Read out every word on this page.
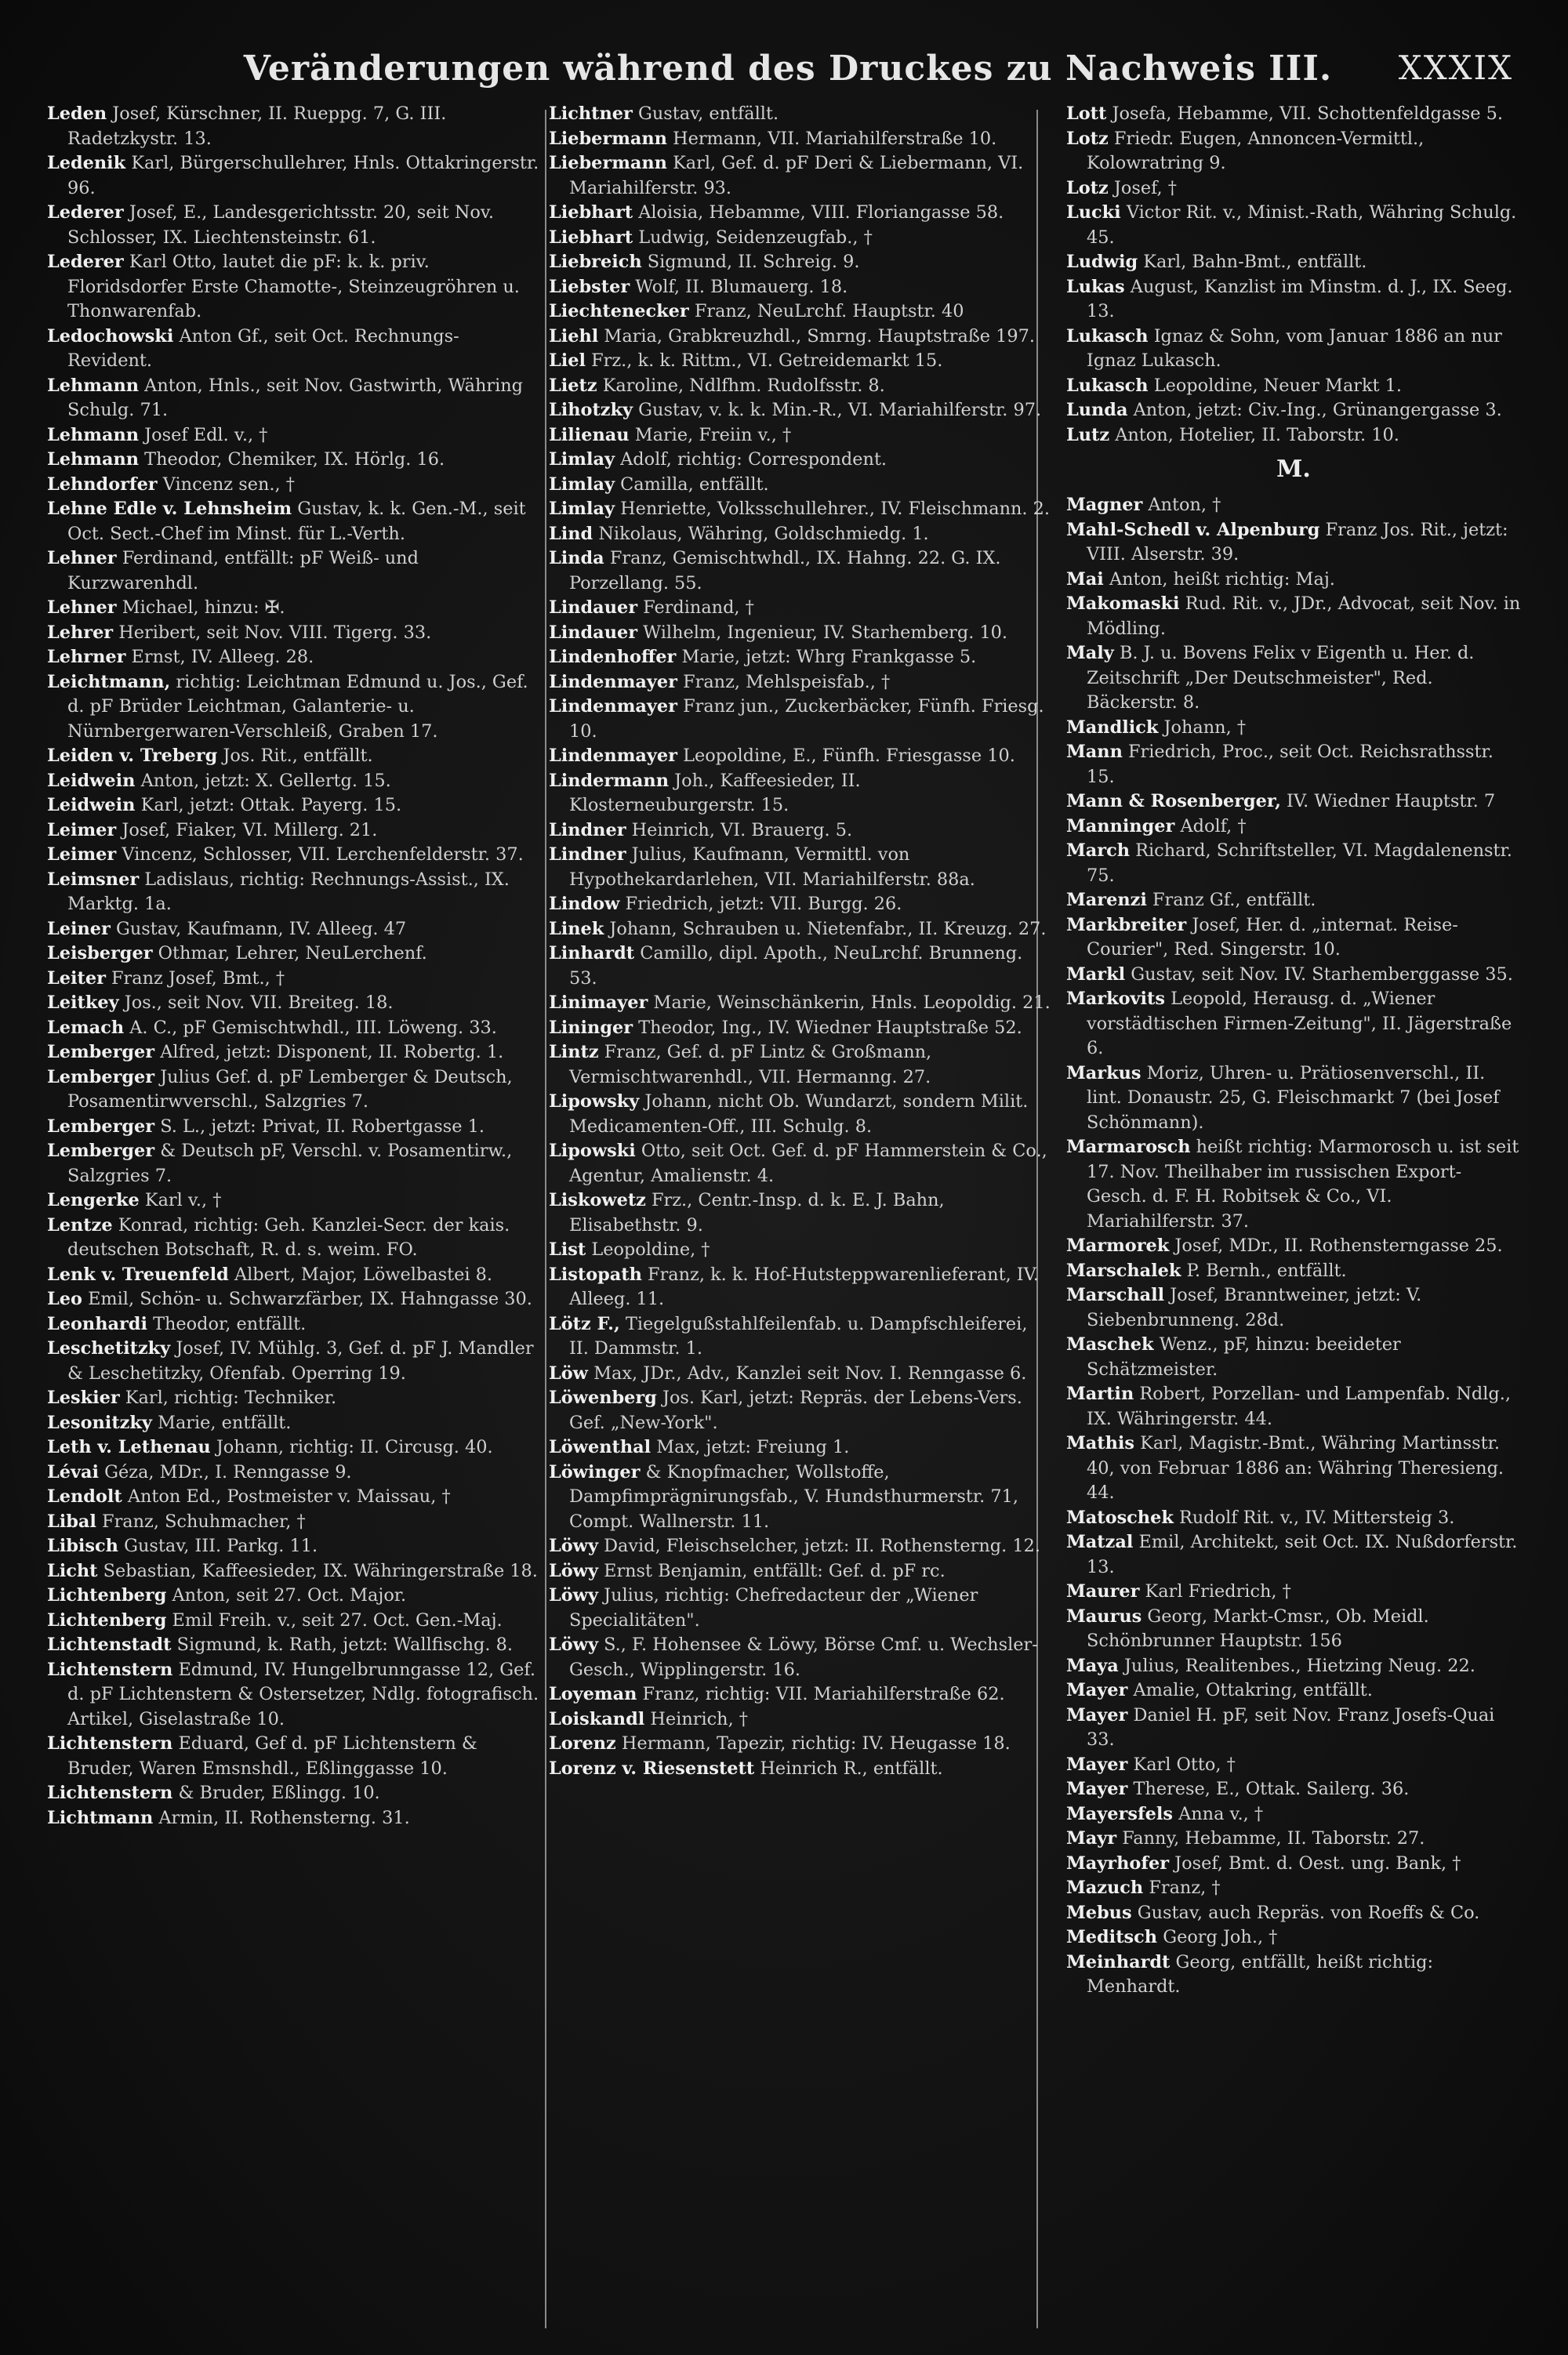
Veränderungen während des Druckes zu Nachweis III.	XXXIX

Leden Josef, Kürschner, II. Rueppg. 7, G. III. Radetzkystr. 13.

Ledenik Karl, Bürgerschullehrer, Hnls. Ottakringerstr. 96.

Lederer Josef, E., Landesgerichtsstr. 20, seit Nov. Schlosser, IX. Liechtensteinstr. 61.

Lederer Karl Otto, lautet die pF: k. k. priv. Floridsdorfer Erste Chamotte-, Steinzeugröhren u. Thonwarenfab.

Ledochowski Anton Gf., seit Oct. Rechnungs-Revident.

Lehmann Anton, Hnls., seit Nov. Gastwirth, Währing Schulg. 71.

Lehmann Josef Edl. v., †

Lehmann Theodor, Chemiker, IX. Hörlg. 16.

Lehndorfer Vincenz sen., †

Lehne Edle v. Lehnsheim Gustav, k. k. Gen.-M., seit Oct. Sect.-Chef im Minst. für L.-Verth.

Lehner Ferdinand, entfällt: pF Weiß- und Kurzwarenhdl.

Lehner Michael, hinzu: ✠.

Lehrer Heribert, seit Nov. VIII. Tigerg. 33.

Lehrner Ernst, IV. Alleeg. 28.

Leichtmann, richtig: Leichtman Edmund u. Jos., Gef. d. pF Brüder Leichtman, Galanterie- u. Nürnbergerwaren-Verschleiß, Graben 17.

Leiden v. Treberg Jos. Rit., entfällt.

Leidwein Anton, jetzt: X. Gellertg. 15.

Leidwein Karl, jetzt: Ottak. Payerg. 15.

Leimer Josef, Fiaker, VI. Millerg. 21.

Leimer Vincenz, Schlosser, VII. Lerchenfelderstr. 37.

Leimsner Ladislaus, richtig: Rechnungs-Assist., IX. Marktg. 1a.

Leiner Gustav, Kaufmann, IV. Alleeg. 47

Leisberger Othmar, Lehrer, NeuLerchenf.

Leiter Franz Josef, Bmt., †

Leitkey Jos., seit Nov. VII. Breiteg. 18.

Lemach A. C., pF Gemischtwhdl., III. Löweng. 33.

Lemberger Alfred, jetzt: Disponent, II. Robertg. 1.

Lemberger Julius Gef. d. pF Lemberger & Deutsch, Posamentirwverschl., Salzgries 7.

Lemberger S. L., jetzt: Privat, II. Robertgasse 1.

Lemberger & Deutsch pF, Verschl. v. Posamentirw., Salzgries 7.

Lengerke Karl v., †

Lentze Konrad, richtig: Geh. Kanzlei-Secr. der kais. deutschen Botschaft, R. d. s. weim. FO.

Lenk v. Treuenfeld Albert, Major, Löwelbastei 8.

Leo Emil, Schön- u. Schwarzfärber, IX. Hahngasse 30.

Leonhardi Theodor, entfällt.

Leschetitzky Josef, IV. Mühlg. 3, Gef. d. pF J. Mandler & Leschetitzky, Ofenfab. Operring 19.

Leskier Karl, richtig: Techniker.

Lesonitzky Marie, entfällt.

Leth v. Lethenau Johann, richtig: II. Circusg. 40.

Lévai Géza, MDr., I. Renngasse 9.

Lendolt Anton Ed., Postmeister v. Maissau, †

Libal Franz, Schuhmacher, †

Libisch Gustav, III. Parkg. 11.

Licht Sebastian, Kaffeesieder, IX. Währingerstraße 18.

Lichtenberg Anton, seit 27. Oct. Major.

Lichtenberg Emil Freih. v., seit 27. Oct. Gen.-Maj.

Lichtenstadt Sigmund, k. Rath, jetzt: Wallfischg. 8.

Lichtenstern Edmund, IV. Hungelbrunngasse 12, Gef. d. pF Lichtenstern & Ostersetzer, Ndlg. fotografisch. Artikel, Giselastraße 10.

Lichtenstern Eduard, Gef d. pF Lichtenstern & Bruder, Waren Emsnshdl., Eßlinggasse 10.

Lichtenstern & Bruder, Eßlingg. 10.

Lichtmann Armin, II. Rothensterng. 31.

Lichtner Gustav, entfällt.

Liebermann Hermann, VII. Mariahilferstraße 10.

Liebermann Karl, Gef. d. pF Deri & Liebermann, VI. Mariahilferstr. 93.

Liebhart Aloisia, Hebamme, VIII. Floriangasse 58.

Liebhart Ludwig, Seidenzeugfab., †

Liebreich Sigmund, II. Schreig. 9.

Liebster Wolf, II. Blumauerg. 18.

Liechtenecker Franz, NeuLrchf. Hauptstr. 40

Liehl Maria, Grabkreuzhdl., Smrng. Hauptstraße 197.

Liel Frz., k. k. Rittm., VI. Getreidemarkt 15.

Lietz Karoline, Ndlfhm. Rudolfsstr. 8.

Lihotzky Gustav, v. k. k. Min.-R., VI. Mariahilferstr. 97.

Lilienau Marie, Freiin v., †

Limlay Adolf, richtig: Correspondent.

Limlay Camilla, entfällt.

Limlay Henriette, Volksschullehrer., IV. Fleischmann. 2.

Lind Nikolaus, Währing, Goldschmiedg. 1.

Linda Franz, Gemischtwhdl., IX. Hahng. 22. G. IX. Porzellang. 55.

Lindauer Ferdinand, †

Lindauer Wilhelm, Ingenieur, IV. Starhemberg. 10.

Lindenhoffer Marie, jetzt: Whrg Frankgasse 5.

Lindenmayer Franz, Mehlspeisfab., †

Lindenmayer Franz jun., Zuckerbäcker, Fünfh. Friesg. 10.

Lindenmayer Leopoldine, E., Fünfh. Friesgasse 10.

Lindermann Joh., Kaffeesieder, II. Klosterneuburgerstr. 15.

Lindner Heinrich, VI. Brauerg. 5.

Lindner Julius, Kaufmann, Vermittl. von Hypothekardarlehen, VII. Mariahilferstr. 88a.

Lindow Friedrich, jetzt: VII. Burgg. 26.

Linek Johann, Schrauben u. Nietenfabr., II. Kreuzg. 27.

Linhardt Camillo, dipl. Apoth., NeuLrchf. Brunneng. 53.

Linimayer Marie, Weinschänkerin, Hnls. Leopoldig. 21.

Lininger Theodor, Ing., IV. Wiedner Hauptstraße 52.

Lintz Franz, Gef. d. pF Lintz & Großmann, Vermischtwarenhdl., VII. Hermanng. 27.

Lipowsky Johann, nicht Ob. Wundarzt, sondern Milit. Medicamenten-Off., III. Schulg. 8.

Lipowski Otto, seit Oct. Gef. d. pF Hammerstein & Co., Agentur, Amalienstr. 4.

Liskowetz Frz., Centr.-Insp. d. k. E. J. Bahn, Elisabethstr. 9.

List Leopoldine, †

Listopath Franz, k. k. Hof-Hutsteppwarenlieferant, IV. Alleeg. 11.

Lötz F., Tiegelgußstahlfeilenfab. u. Dampfschleiferei, II. Dammstr. 1.

Löw Max, JDr., Adv., Kanzlei seit Nov. I. Renngasse 6.

Löwenberg Jos. Karl, jetzt: Repräs. der Lebens-Vers. Gef. „New-York".

Löwenthal Max, jetzt: Freiung 1.

Löwinger & Knopfmacher, Wollstoffe, Dampfimprägnirungsfab., V. Hundsthurmerstr. 71, Compt. Wallnerstr. 11.

Löwy David, Fleischselcher, jetzt: II. Rothensterng. 12.

Löwy Ernst Benjamin, entfällt: Gef. d. pF rc.

Löwy Julius, richtig: Chefredacteur der „Wiener Specialitäten".

Löwy S., F. Hohensee & Löwy, Börse Cmf. u. Wechsler-Gesch., Wipplingerstr. 16.

Loyeman Franz, richtig: VII. Mariahilferstraße 62.

Loiskandl Heinrich, †

Lorenz Hermann, Tapezir, richtig: IV. Heugasse 18.

Lorenz v. Riesenstett Heinrich R., entfällt.

Lott Josefa, Hebamme, VII. Schottenfeldgasse 5.

Lotz Friedr. Eugen, Annoncen-Vermittl., Kolowratring 9.

Lotz Josef, †

Lucki Victor Rit. v., Minist.-Rath, Währing Schulg. 45.

Ludwig Karl, Bahn-Bmt., entfällt.

Lukas August, Kanzlist im Minstm. d. J., IX. Seeg. 13.

Lukasch Ignaz & Sohn, vom Januar 1886 an nur Ignaz Lukasch.

Lukasch Leopoldine, Neuer Markt 1.

Lunda Anton, jetzt: Civ.-Ing., Grünangergasse 3.

Lutz Anton, Hotelier, II. Taborstr. 10.

M.

Magner Anton, †

Mahl-Schedl v. Alpenburg Franz Jos. Rit., jetzt: VIII. Alserstr. 39.

Mai Anton, heißt richtig: Maj.

Makomaski Rud. Rit. v., JDr., Advocat, seit Nov. in Mödling.

Maly B. J. u. Bovens Felix v Eigenth u. Her. d. Zeitschrift „Der Deutschmeister", Red. Bäckerstr. 8.

Mandlick Johann, †

Mann Friedrich, Proc., seit Oct. Reichsrathsstr. 15.

Mann & Rosenberger, IV. Wiedner Hauptstr. 7

Manninger Adolf, †

March Richard, Schriftsteller, VI. Magdalenenstr. 75.

Marenzi Franz Gf., entfällt.

Markbreiter Josef, Her. d. „internat. Reise-Courier", Red. Singerstr. 10.

Markl Gustav, seit Nov. IV. Starhemberggasse 35.

Markovits Leopold, Herausg. d. „Wiener vorstädtischen Firmen-Zeitung", II. Jägerstraße 6.

Markus Moriz, Uhren- u. Prätiosenverschl., II. lint. Donaustr. 25, G. Fleischmarkt 7 (bei Josef Schönmann).

Marmarosch heißt richtig: Marmorosch u. ist seit 17. Nov. Theilhaber im russischen Export-Gesch. d. F. H. Robitsek & Co., VI. Mariahilferstr. 37.

Marmorek Josef, MDr., II. Rothensterngasse 25.

Marschalek P. Bernh., entfällt.

Marschall Josef, Branntweiner, jetzt: V. Siebenbrunneng. 28d.

Maschek Wenz., pF, hinzu: beeideter Schätzmeister.

Martin Robert, Porzellan- und Lampenfab. Ndlg., IX. Währingerstr. 44.

Mathis Karl, Magistr.-Bmt., Währing Martinsstr. 40, von Februar 1886 an: Währing Theresieng. 44.

Matoschek Rudolf Rit. v., IV. Mittersteig 3.

Matzal Emil, Architekt, seit Oct. IX. Nußdorferstr. 13.

Maurer Karl Friedrich, †

Maurus Georg, Markt-Cmsr., Ob. Meidl. Schönbrunner Hauptstr. 156

Maya Julius, Realitenbes., Hietzing Neug. 22.

Mayer Amalie, Ottakring, entfällt.

Mayer Daniel H. pF, seit Nov. Franz Josefs-Quai 33.

Mayer Karl Otto, †

Mayer Therese, E., Ottak. Sailerg. 36.

Mayersfels Anna v., †

Mayr Fanny, Hebamme, II. Taborstr. 27.

Mayrhofer Josef, Bmt. d. Oest. ung. Bank, †

Mazuch Franz, †

Mebus Gustav, auch Repräs. von Roeffs & Co.

Meditsch Georg Joh., †

Meinhardt Georg, entfällt, heißt richtig: Menhardt.
